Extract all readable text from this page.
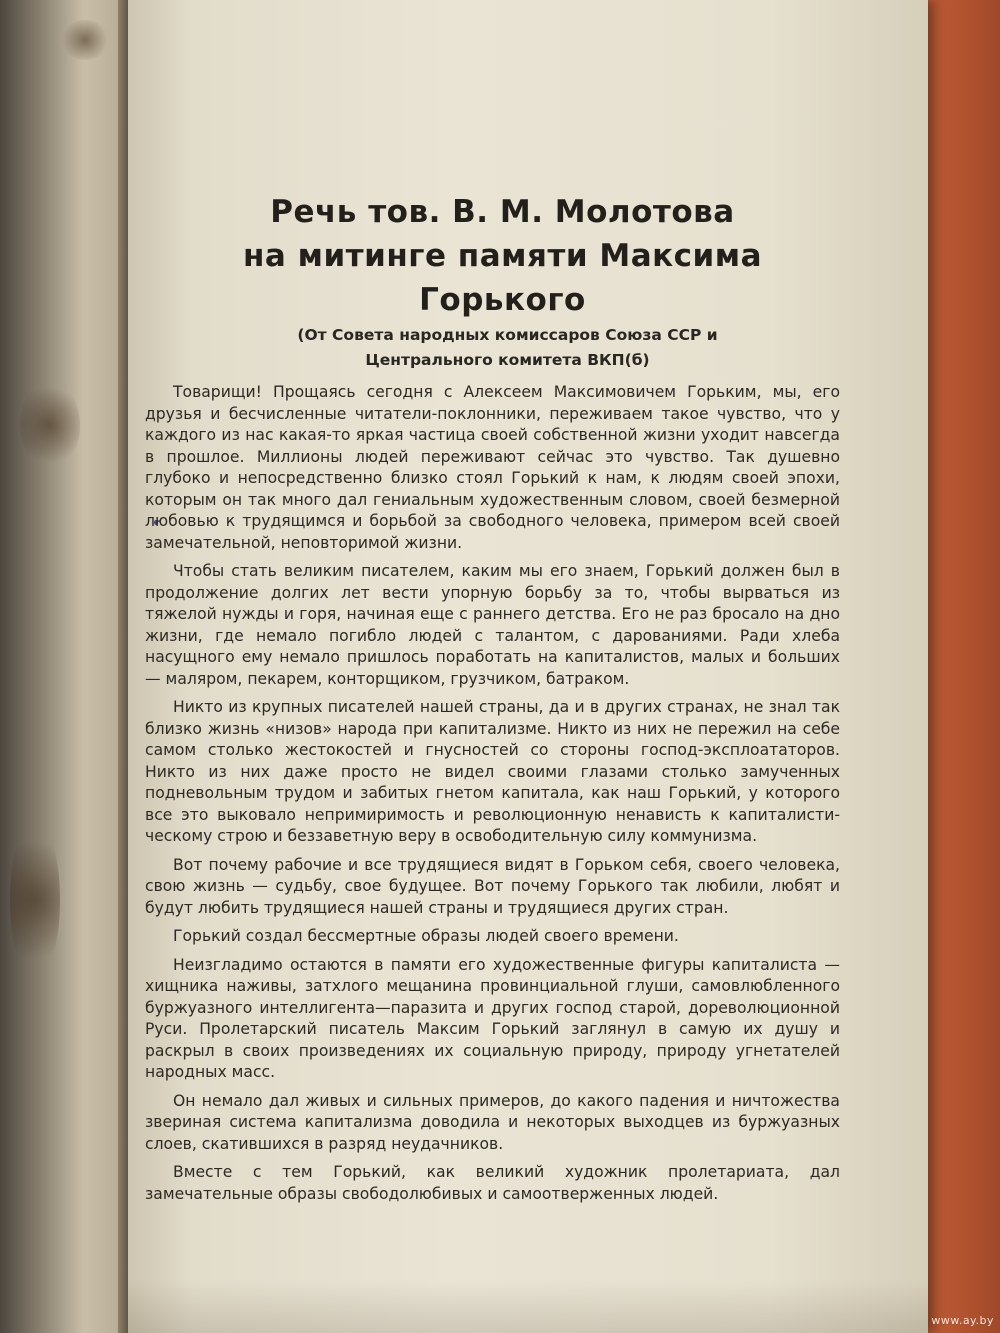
Речь тов. В. М. Молотова
на митинге памяти Максима Горького
(От Совета народных комиссаров Союза ССР и
Центрального комитета ВКП(б)

Товарищи! Прощаясь сегодня с Алексеем Максимовичем Горьким, мы, его друзья и бесчисленные читатели-поклонники, переживаем такое чувство, что у каждого из нас какая-то яркая частица своей собственной жизни уходит навсегда в прошлое. Миллионы людей переживают сейчас это чувство. Так душевно глубоко и непосредственно близко стоял Горький к нам, к людям своей эпохи, которым он так много дал гениальным художественным словом, своей безмерной любовью к трудящимся и борьбой за свободного человека, примером всей своей замечательной, неповторимой жизни.

Чтобы стать великим писателем, каким мы его знаем, Горький должен был в продолжение долгих лет вести упорную борьбу за то, чтобы вырваться из тяжелой нужды и горя, начиная еще с раннего детства. Его не раз бросало на дно жизни, где немало погибло людей с талантом, с дарованиями. Ради хлеба насущного ему немало пришлось поработать на капиталистов, малых и больших — маляром, пекарем, конторщиком, грузчиком, батраком.

Никто из крупных писателей нашей страны, да и в других странах, не знал так близко жизнь «низов» народа при капитализме. Никто из них не пережил на себе самом столько жестокостей и гнусностей со стороны господ-эксплоататоров. Никто из них даже просто не видел своими глазами столько замученных подневольным трудом и забитых гнетом капитала, как наш Горький, у которого все это выковало непримиримость и революционную ненависть к капиталистическому строю и беззаветную веру в освободительную силу коммунизма.

Вот почему рабочие и все трудящиеся видят в Горьком себя, своего человека, свою жизнь — судьбу, свое будущее. Вот почему Горького так любили, любят и будут любить трудящиеся нашей страны и трудящиеся других стран.

Горький создал бессмертные образы людей своего времени.

Неизгладимо остаются в памяти его художественные фигуры капиталиста — хищника наживы, затхлого мещанина провинциальной глуши, самовлюбленного буржуазного интеллигента—паразита и других господ старой, дореволюционной Руси. Пролетарский писатель Максим Горький заглянул в самую их душу и раскрыл в своих произведениях их социальную природу, природу угнетателей народных масс.

Он немало дал живых и сильных примеров, до какого падения и ничтожества звериная система капитализма доводила и некоторых выходцев из буржуазных слоев, скатившихся в разряд неудачников.

Вместе с тем Горький, как великий художник пролетариата, дал замечательные образы свободолюбивых и самоотверженных людей.

www.ay.by
